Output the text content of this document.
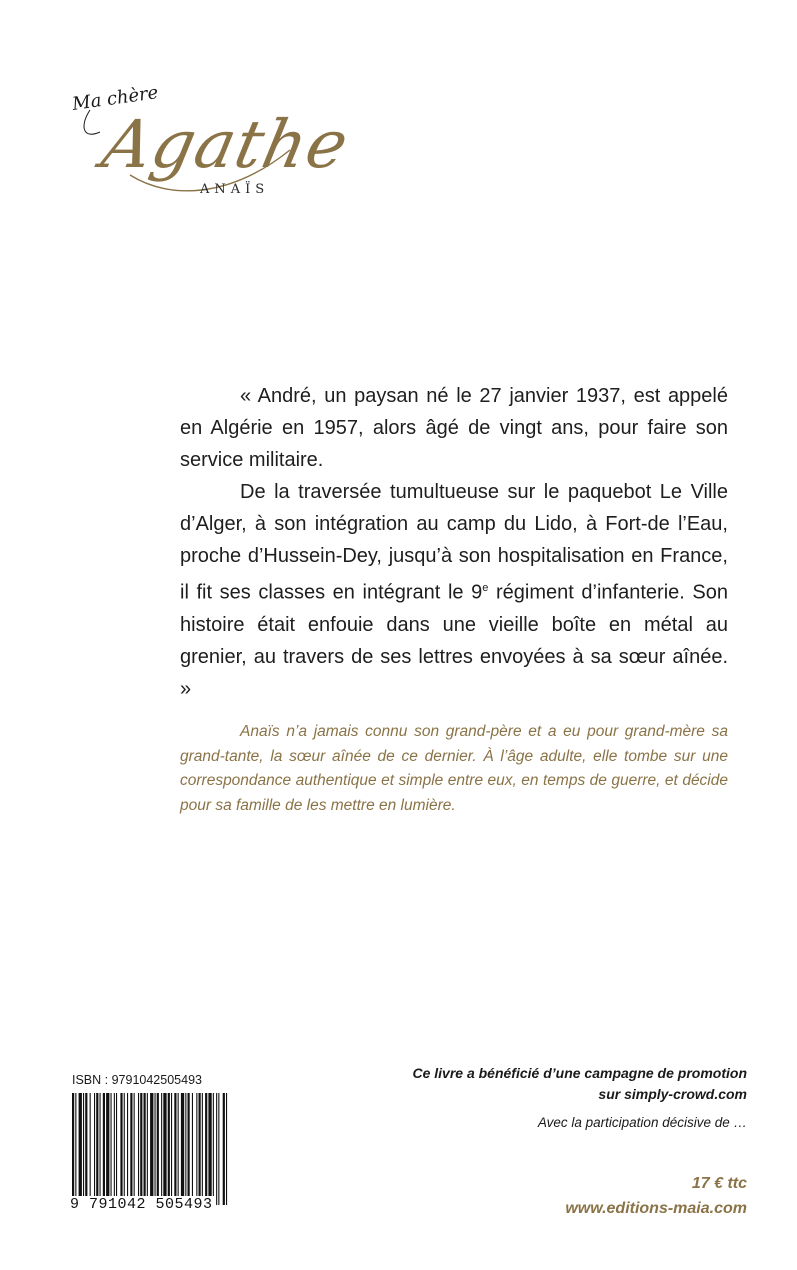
Ma chère
Agathe
ANAÏS

« André, un paysan né le 27 janvier 1937, est appelé en Algérie en 1957, alors âgé de vingt ans, pour faire son service militaire.

De la traversée tumultueuse sur le paquebot Le Ville d’Alger, à son intégration au camp du Lido, à Fort-de l’Eau, proche d’Hussein-Dey, jusqu’à son hospitalisation en France, il fit ses classes en intégrant le 9e régiment d’infanterie. Son histoire était enfouie dans une vieille boîte en métal au grenier, au travers de ses lettres envoyées à sa sœur aînée. »

Anaïs n’a jamais connu son grand-père et a eu pour grand-mère sa grand-tante, la sœur aînée de ce dernier. À l’âge adulte, elle tombe sur une correspondance authentique et simple entre eux, en temps de guerre, et décide pour sa famille de les mettre en lumière.

ISBN : 9791042505493
9 791042 505493
Ce livre a bénéficié d’une campagne de promotion
sur simply-crowd.com
Avec la participation décisive de …
17 € ttc
www.editions-maia.com
